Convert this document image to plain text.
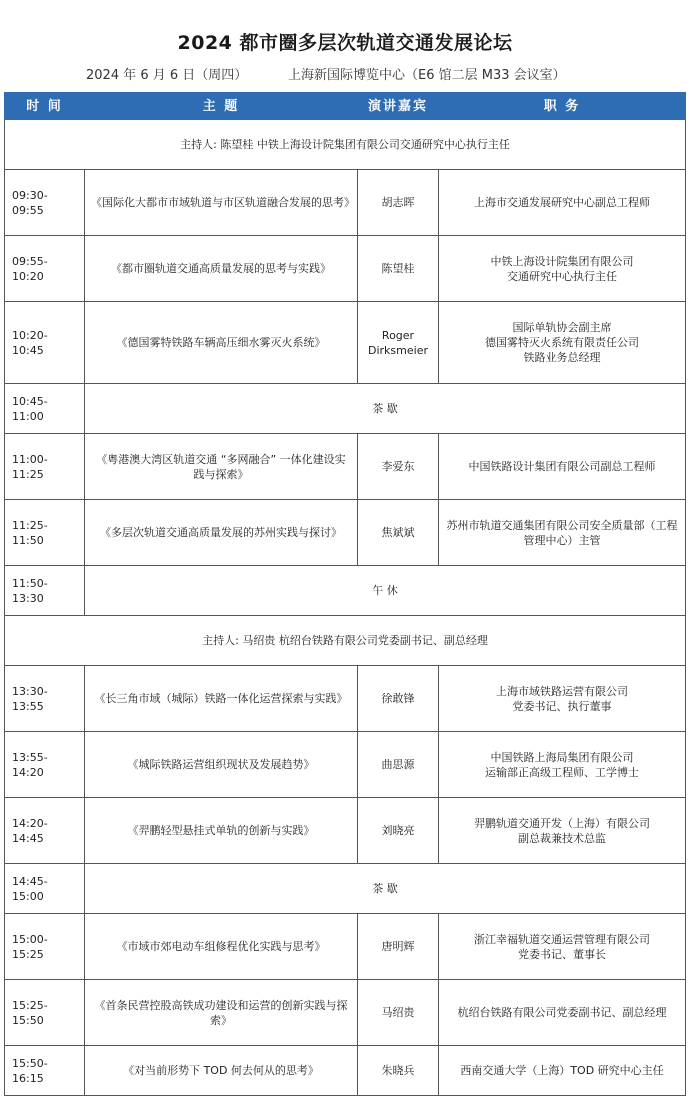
2024 都市圈多层次轨道交通发展论坛
2024 年 6 月 6 日（周四）	上海新国际博览中心（E6 馆二层 M33 会议室）
时 间	主 题	演讲嘉宾	职 务
主持人: 陈望桂 中铁上海设计院集团有限公司交通研究中心执行主任			
09:30-09:55	《国际化大都市市域轨道与市区轨道融合发展的思考》	胡志晖	上海市交通发展研究中心副总工程师
09:55-10:20	《都市圈轨道交通高质量发展的思考与实践》	陈望桂	中铁上海设计院集团有限公司
交通研究中心执行主任
10:20-10:45	《德国雾特铁路车辆高压细水雾灭火系统》	Roger
Dirksmeier	国际单轨协会副主席
德国雾特灭火系统有限责任公司
铁路业务总经理
10:45-11:00	茶 歇		
11:00-11:25	《粤港澳大湾区轨道交通 “多网融合” 一体化建设实践与探索》	李爱东	中国铁路设计集团有限公司副总工程师
11:25-11:50	《多层次轨道交通高质量发展的苏州实践与探讨》	焦斌斌	苏州市轨道交通集团有限公司安全质量部（工程管理中心）主管
11:50-13:30	午 休		
主持人: 马绍贵 杭绍台铁路有限公司党委副书记、副总经理			
13:30-13:55	《长三角市域（城际）铁路一体化运营探索与实践》	徐敢锋	上海市域铁路运营有限公司
党委书记、执行董事
13:55-14:20	《城际铁路运营组织现状及发展趋势》	曲思源	中国铁路上海局集团有限公司
运输部正高级工程师、工学博士
14:20-14:45	《羿鹏轻型悬挂式单轨的创新与实践》	刘晓亮	羿鹏轨道交通开发（上海）有限公司
副总裁兼技术总监
14:45-15:00	茶 歇		
15:00-15:25	《市域市郊电动车组修程优化实践与思考》	唐明辉	浙江幸福轨道交通运营管理有限公司
党委书记、董事长
15:25-15:50	《首条民营控股高铁成功建设和运营的创新实践与探索》	马绍贵	杭绍台铁路有限公司党委副书记、副总经理
15:50-16:15	《对当前形势下 TOD 何去何从的思考》	朱晓兵	西南交通大学（上海）TOD 研究中心主任
